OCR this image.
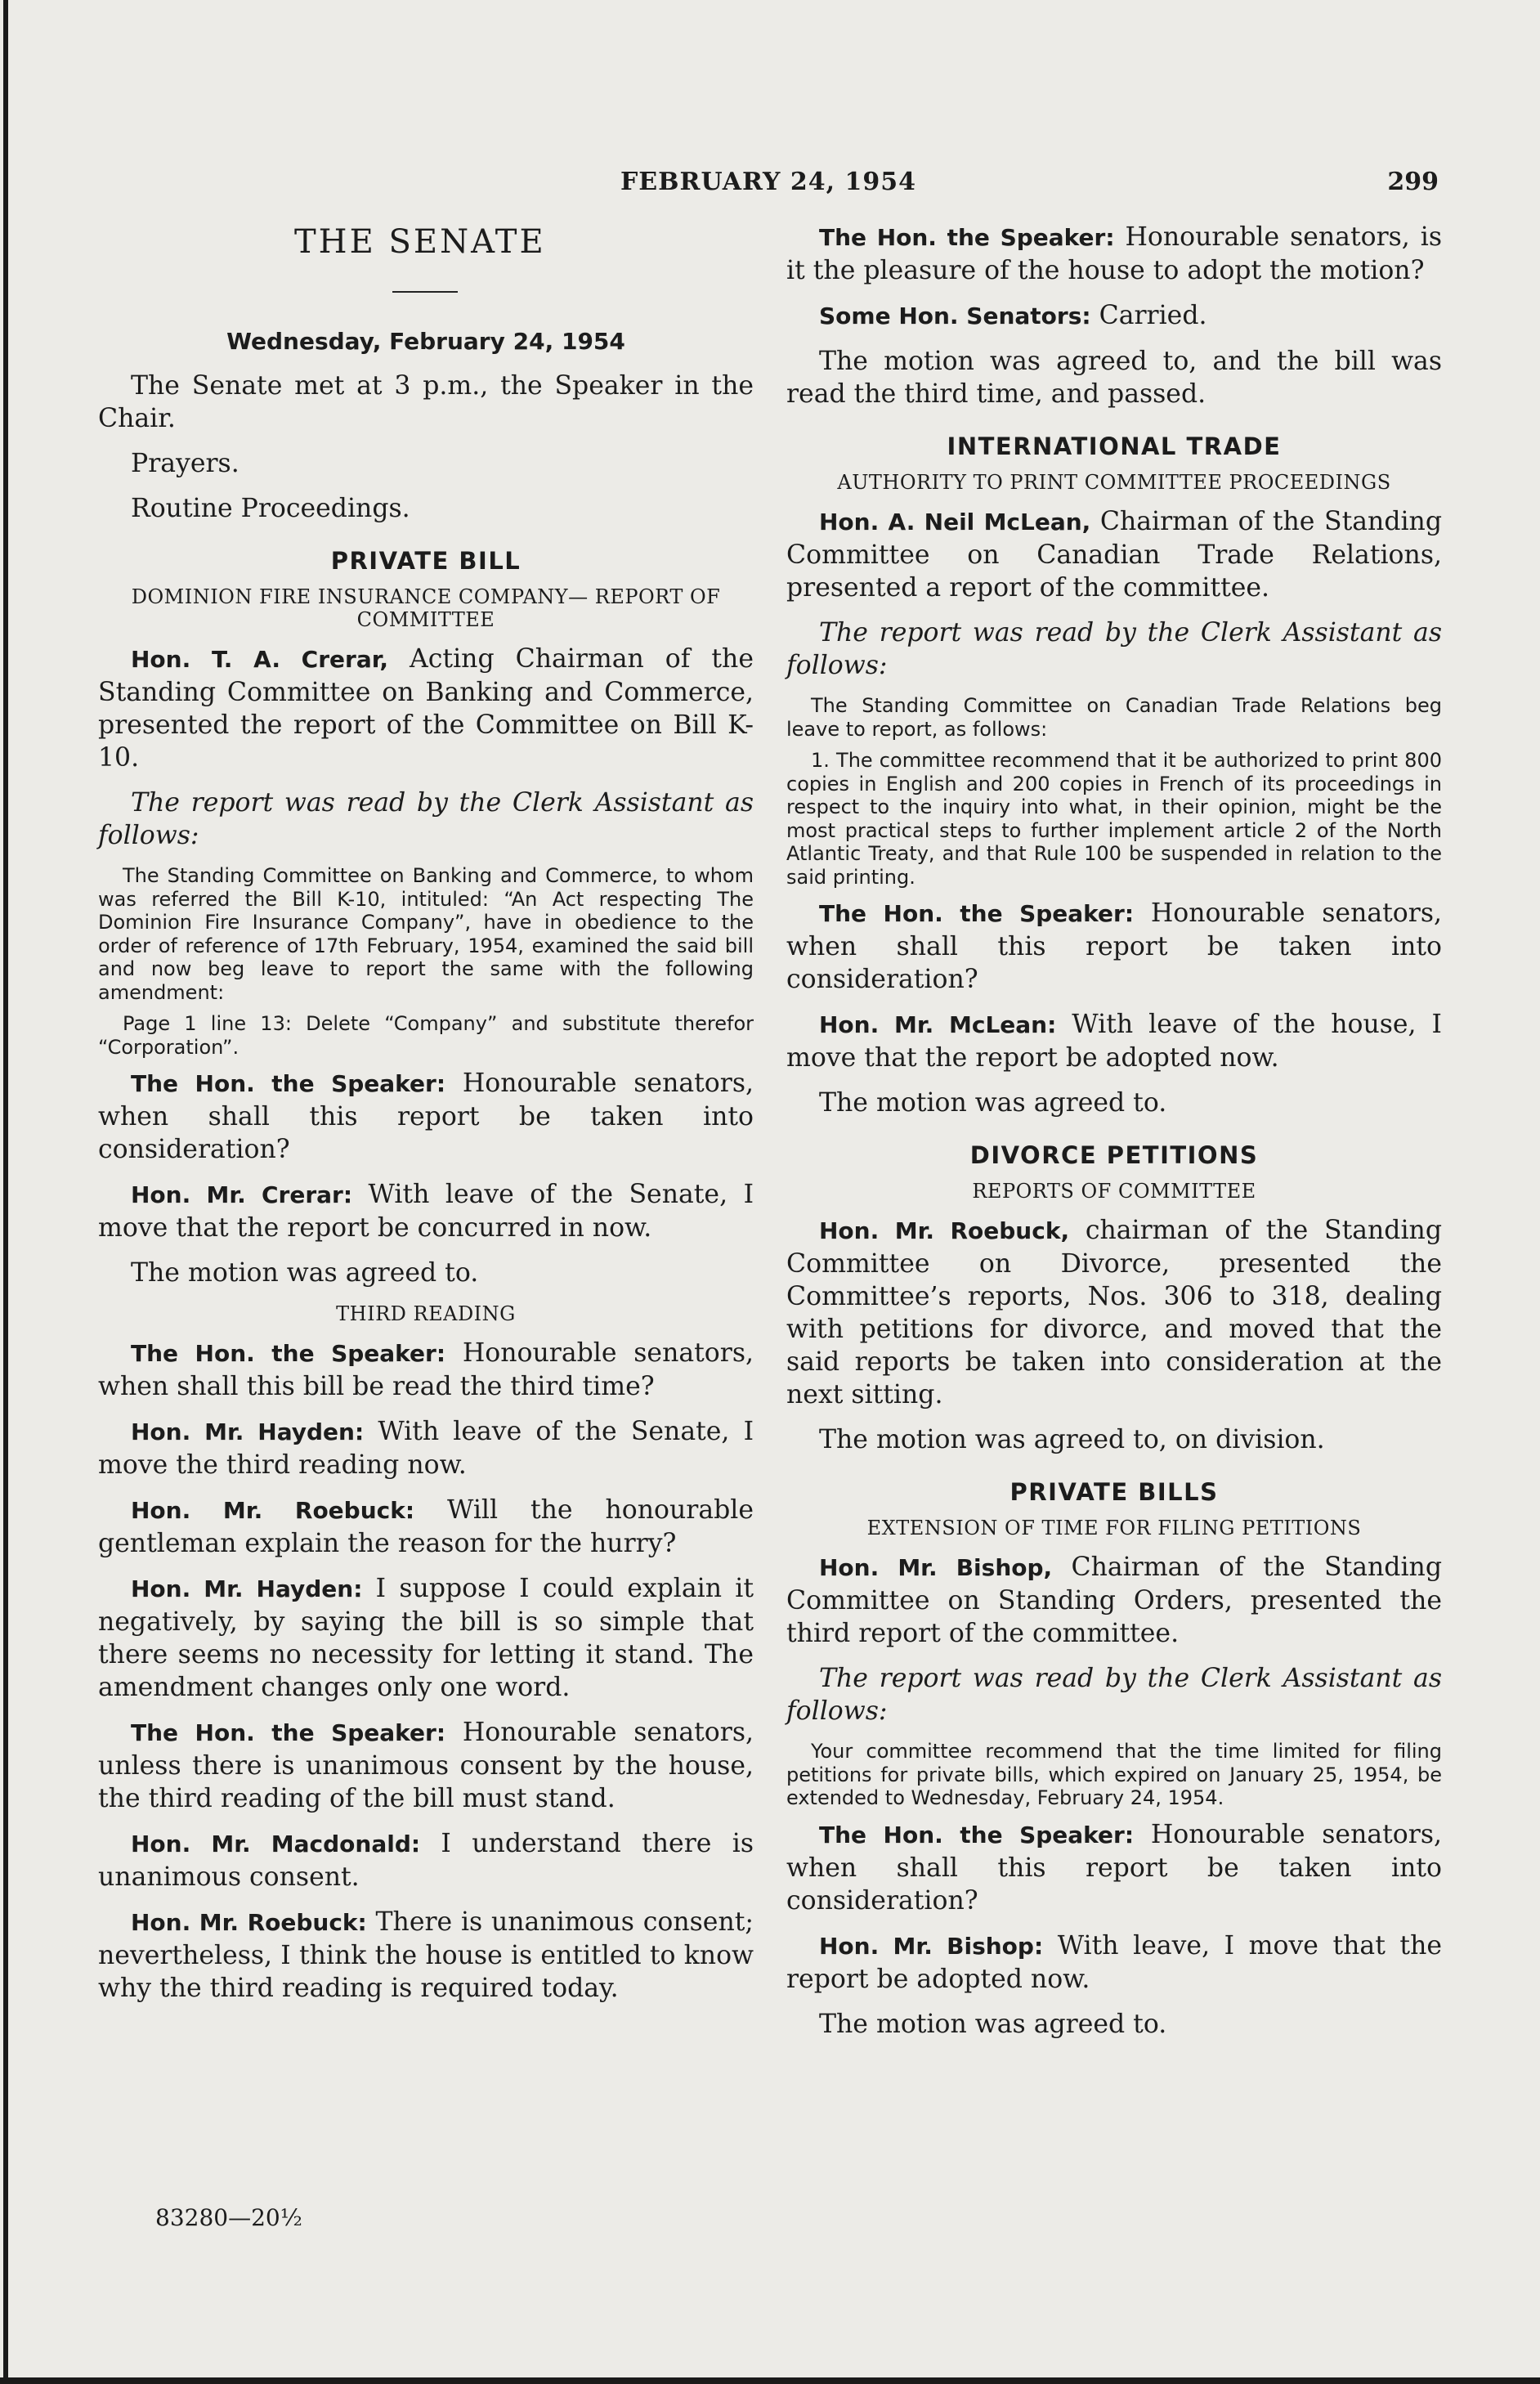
FEBRUARY 24, 1954	299
THE SENATE
Wednesday, February 24, 1954

The Senate met at 3 p.m., the Speaker in the Chair.

Prayers.

Routine Proceedings.

PRIVATE BILL
DOMINION FIRE INSURANCE COMPANY— REPORT OF COMMITTEE

Hon. T. A. Crerar, Acting Chairman of the Standing Committee on Banking and Commerce, presented the report of the Committee on Bill K-10.

The report was read by the Clerk Assistant as follows:

The Standing Committee on Banking and Commerce, to whom was referred the Bill K-10, intituled: “An Act respecting The Dominion Fire Insurance Company”, have in obedience to the order of reference of 17th February, 1954, examined the said bill and now beg leave to report the same with the following amendment:

Page 1 line 13: Delete “Company” and substitute therefor “Corporation”.

The Hon. the Speaker: Honourable senators, when shall this report be taken into consideration?

Hon. Mr. Crerar: With leave of the Senate, I move that the report be concurred in now.

The motion was agreed to.

THIRD READING

The Hon. the Speaker: Honourable senators, when shall this bill be read the third time?

Hon. Mr. Hayden: With leave of the Senate, I move the third reading now.

Hon. Mr. Roebuck: Will the honourable gentleman explain the reason for the hurry?

Hon. Mr. Hayden: I suppose I could explain it negatively, by saying the bill is so simple that there seems no necessity for letting it stand. The amendment changes only one word.

The Hon. the Speaker: Honourable senators, unless there is unanimous consent by the house, the third reading of the bill must stand.

Hon. Mr. Macdonald: I understand there is unanimous consent.

Hon. Mr. Roebuck: There is unanimous consent; nevertheless, I think the house is entitled to know why the third reading is required today.

The Hon. the Speaker: Honourable senators, is it the pleasure of the house to adopt the motion?

Some Hon. Senators: Carried.

The motion was agreed to, and the bill was read the third time, and passed.

INTERNATIONAL TRADE
AUTHORITY TO PRINT COMMITTEE PROCEEDINGS

Hon. A. Neil McLean, Chairman of the Standing Committee on Canadian Trade Relations, presented a report of the committee.

The report was read by the Clerk Assistant as follows:

The Standing Committee on Canadian Trade Relations beg leave to report, as follows:

1. The committee recommend that it be authorized to print 800 copies in English and 200 copies in French of its proceedings in respect to the inquiry into what, in their opinion, might be the most practical steps to further implement article 2 of the North Atlantic Treaty, and that Rule 100 be suspended in relation to the said printing.

The Hon. the Speaker: Honourable senators, when shall this report be taken into consideration?

Hon. Mr. McLean: With leave of the house, I move that the report be adopted now.

The motion was agreed to.

DIVORCE PETITIONS
REPORTS OF COMMITTEE

Hon. Mr. Roebuck, chairman of the Standing Committee on Divorce, presented the Committee’s reports, Nos. 306 to 318, dealing with petitions for divorce, and moved that the said reports be taken into consideration at the next sitting.

The motion was agreed to, on division.

PRIVATE BILLS
EXTENSION OF TIME FOR FILING PETITIONS

Hon. Mr. Bishop, Chairman of the Standing Committee on Standing Orders, presented the third report of the committee.

The report was read by the Clerk Assistant as follows:

Your committee recommend that the time limited for filing petitions for private bills, which expired on January 25, 1954, be extended to Wednesday, February 24, 1954.

The Hon. the Speaker: Honourable senators, when shall this report be taken into consideration?

Hon. Mr. Bishop: With leave, I move that the report be adopted now.

The motion was agreed to.

83280—20½
